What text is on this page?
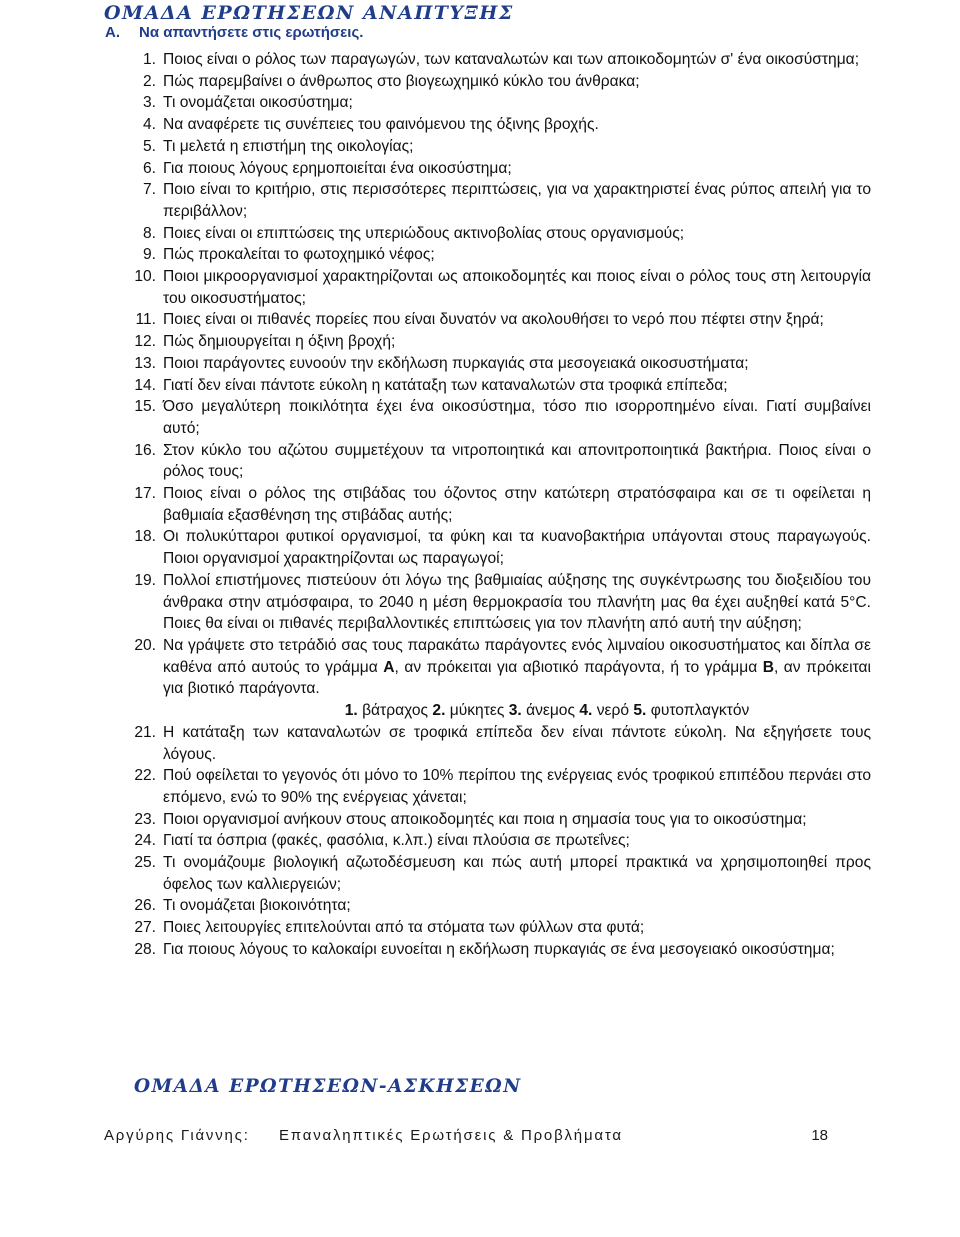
ΟΜΑΔΑ ΕΡΩΤΗΣΕΩΝ ΑΝΑΠΤΥΞΗΣ
Α. Να απαντήσετε στις ερωτήσεις.
1. Ποιος είναι ο ρόλος των παραγωγών, των καταναλωτών και των αποικοδομητών σ' ένα οικοσύστημα;
2. Πώς παρεμβαίνει ο άνθρωπος στο βιογεωχημικό κύκλο του άνθρακα;
3. Τι ονομάζεται οικοσύστημα;
4. Να αναφέρετε τις συνέπειες του φαινόμενου της όξινης βροχής.
5. Τι μελετά η επιστήμη της οικολογίας;
6. Για ποιους λόγους ερημοποιείται ένα οικοσύστημα;
7. Ποιο είναι το κριτήριο, στις περισσότερες περιπτώσεις, για να χαρακτηριστεί ένας ρύπος απειλή για το περιβάλλον;
8. Ποιες είναι οι επιπτώσεις της υπεριώδους ακτινοβολίας στους οργανισμούς;
9. Πώς προκαλείται το φωτοχημικό νέφος;
10. Ποιοι μικροοργανισμοί χαρακτηρίζονται ως αποικοδομητές και ποιος είναι ο ρόλος τους στη λειτουργία του οικοσυστήματος;
11. Ποιες είναι οι πιθανές πορείες που είναι δυνατόν να ακολουθήσει το νερό που πέφτει στην ξηρά;
12. Πώς δημιουργείται η όξινη βροχή;
13. Ποιοι παράγοντες ευνοούν την εκδήλωση πυρκαγιάς στα μεσογειακά οικοσυστήματα;
14. Γιατί δεν είναι πάντοτε εύκολη η κατάταξη των καταναλωτών στα τροφικά επίπεδα;
15. Όσο μεγαλύτερη ποικιλότητα έχει ένα οικοσύστημα, τόσο πιο ισορροπημένο είναι. Γιατί συμβαίνει αυτό;
16. Στον κύκλο του αζώτου συμμετέχουν τα νιτροποιητικά και απονιτροποιητικά βακτήρια. Ποιος είναι ο ρόλος τους;
17. Ποιος είναι ο ρόλος της στιβάδας του όζοντος στην κατώτερη στρατόσφαιρα και σε τι οφείλεται η βαθμιαία εξασθένηση της στιβάδας αυτής;
18. Οι πολυκύτταροι φυτικοί οργανισμοί, τα φύκη και τα κυανοβακτήρια υπάγονται στους παραγωγούς. Ποιοι οργανισμοί χαρακτηρίζονται ως παραγωγοί;
19. Πολλοί επιστήμονες πιστεύουν ότι λόγω της βαθμιαίας αύξησης της συγκέντρωσης του διοξειδίου του άνθρακα στην ατμόσφαιρα, το 2040 η μέση θερμοκρασία του πλανήτη μας θα έχει αυξηθεί κατά 5°C. Ποιες θα είναι οι πιθανές περιβαλλοντικές επιπτώσεις για τον πλανήτη από αυτή την αύξηση;
20. Να γράψετε στο τετράδιό σας τους παρακάτω παράγοντες ενός λιμναίου οικοσυστήματος και δίπλα σε καθένα από αυτούς το γράμμα Α, αν πρόκειται για αβιοτικό παράγοντα, ή το γράμμα Β, αν πρόκειται για βιοτικό παράγοντα.
1. βάτραχος 2. μύκητες 3. άνεμος 4. νερό 5. φυτοπλαγκτόν
21. Η κατάταξη των καταναλωτών σε τροφικά επίπεδα δεν είναι πάντοτε εύκολη. Να εξηγήσετε τους λόγους.
22. Πού οφείλεται το γεγονός ότι μόνο το 10% περίπου της ενέργειας ενός τροφικού επιπέδου περνάει στο επόμενο, ενώ το 90% της ενέργειας χάνεται;
23. Ποιοι οργανισμοί ανήκουν στους αποικοδομητές και ποια η σημασία τους για το οικοσύστημα;
24. Γιατί τα όσπρια (φακές, φασόλια, κ.λπ.) είναι πλούσια σε πρωτεΐνες;
25. Τι ονομάζουμε βιολογική αζωτοδέσμευση και πώς αυτή μπορεί πρακτικά να χρησιμοποιηθεί προς όφελος των καλλιεργειών;
26. Τι ονομάζεται βιοκοινότητα;
27. Ποιες λειτουργίες επιτελούνται από τα στόματα των φύλλων στα φυτά;
28. Για ποιους λόγους το καλοκαίρι ευνοείται η εκδήλωση πυρκαγιάς σε ένα μεσογειακό οικοσύστημα;
ΟΜΑΔΑ ΕΡΩΤΗΣΕΩΝ-ΑΣΚΗΣΕΩΝ
Αργύρης Γιάννης: Επαναληπτικές Ερωτήσεις & Προβλήματα	18
